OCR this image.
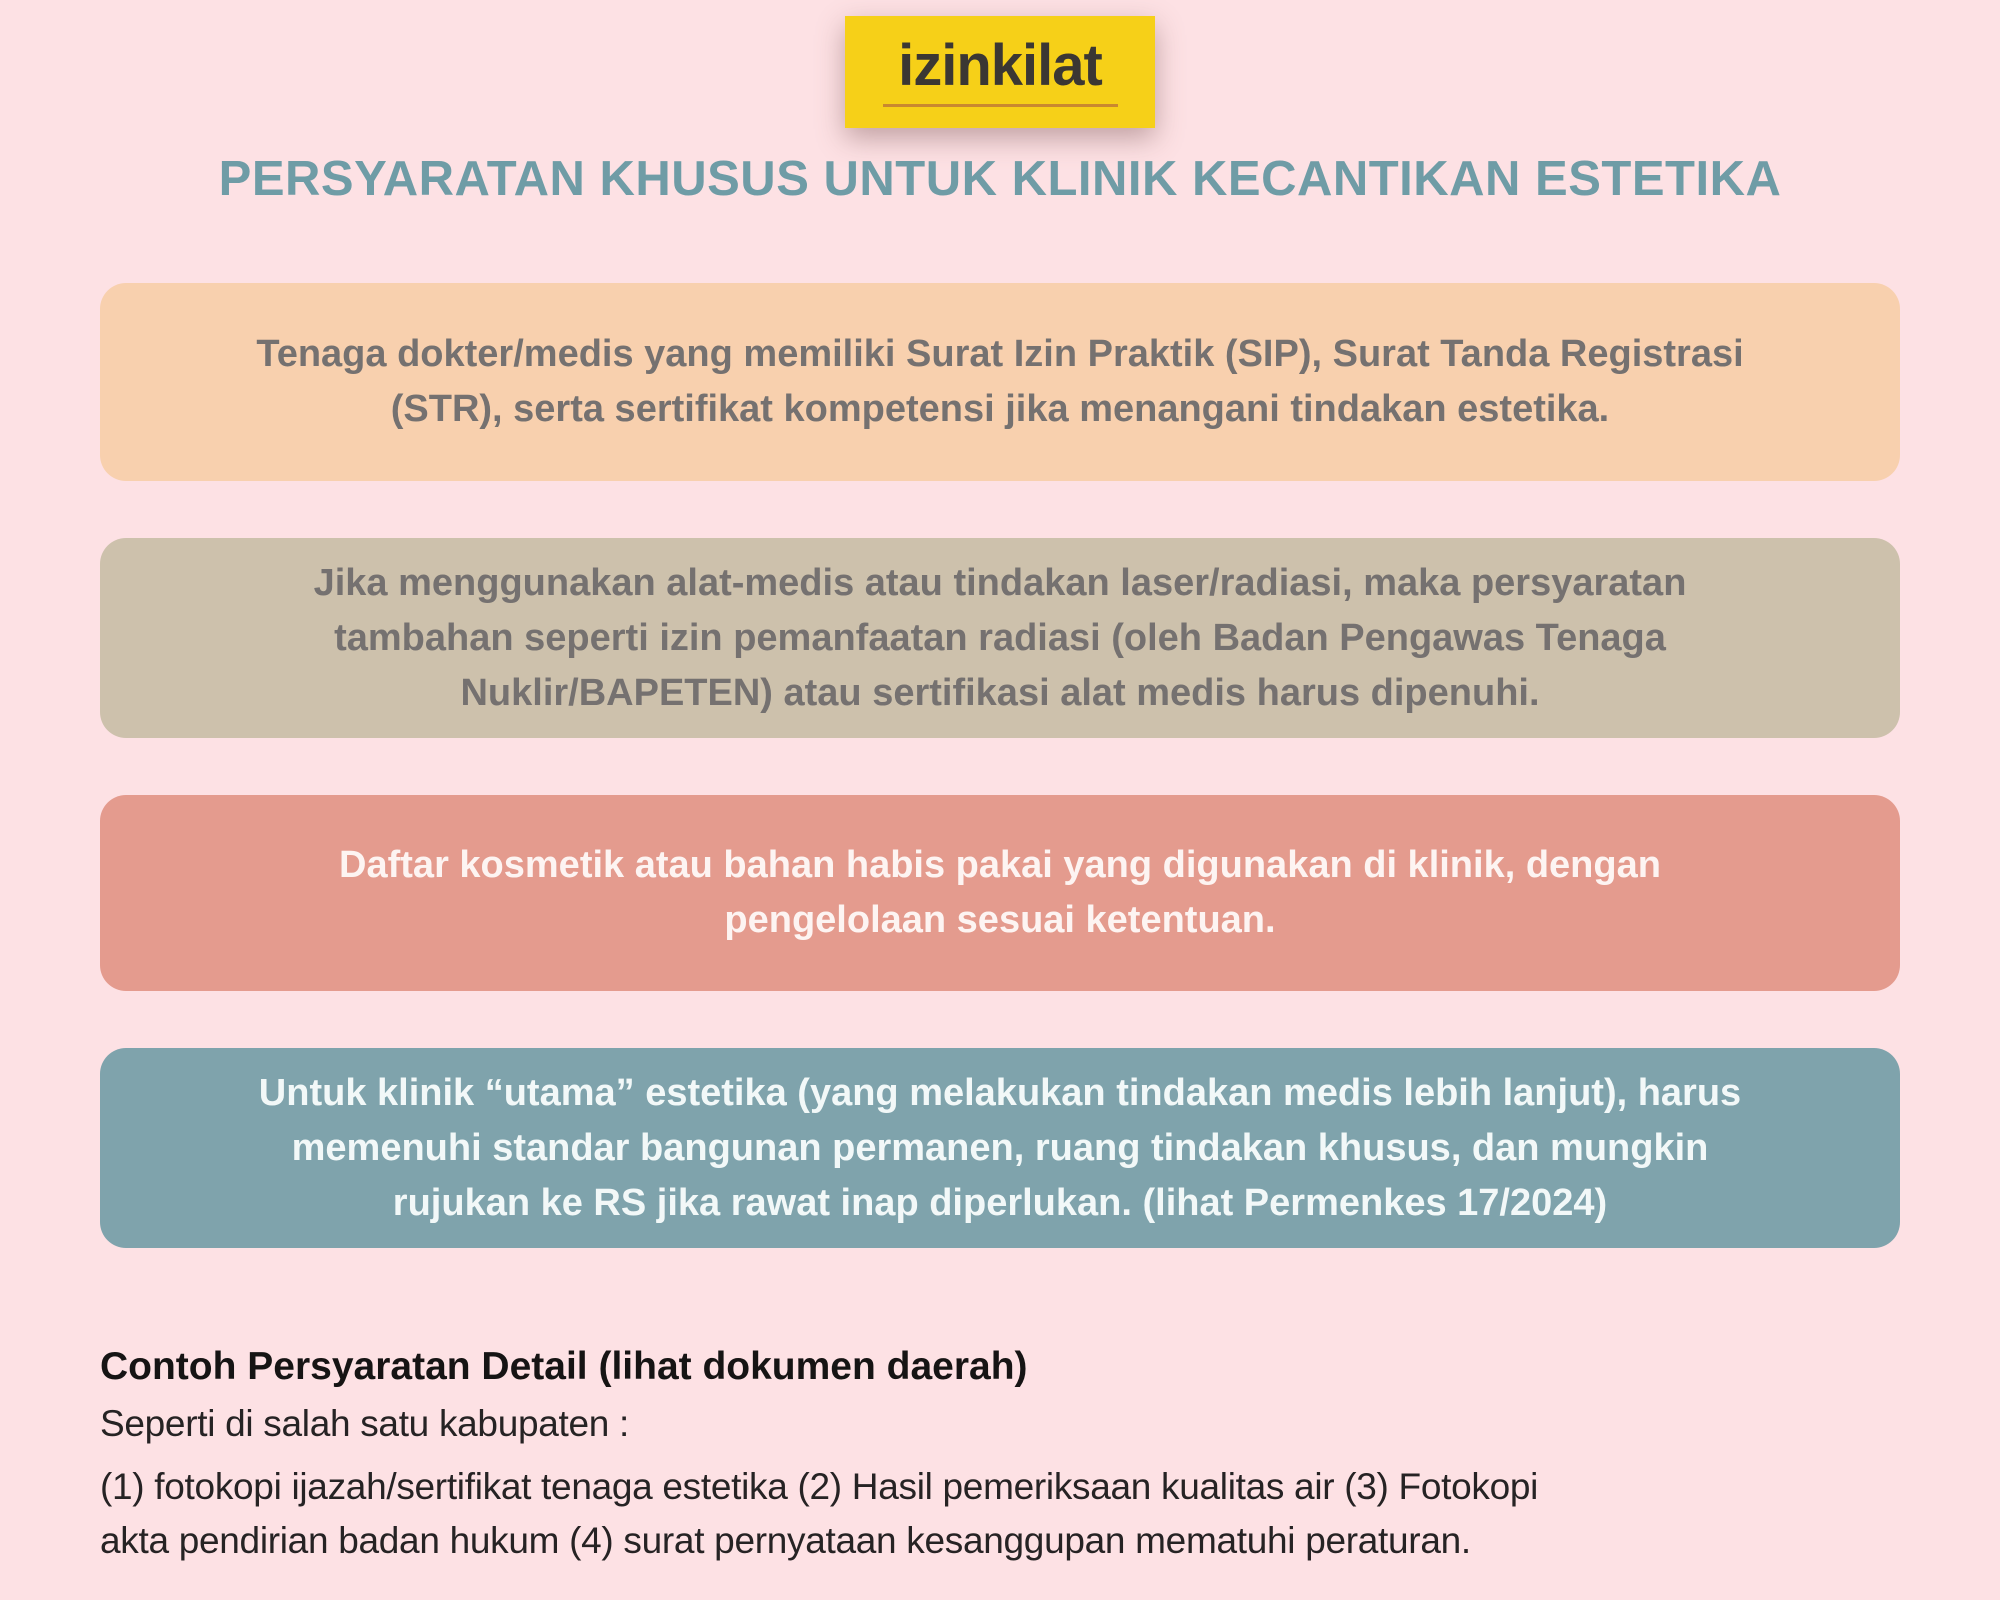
izinkilat
PERSYARATAN KHUSUS UNTUK KLINIK KECANTIKAN ESTETIKA

Tenaga dokter/medis yang memiliki Surat Izin Praktik (SIP), Surat Tanda Registrasi

(STR), serta sertifikat kompetensi jika menangani tindakan estetika.

Jika menggunakan alat-medis atau tindakan laser/radiasi, maka persyaratan

tambahan seperti izin pemanfaatan radiasi (oleh Badan Pengawas Tenaga

Nuklir/BAPETEN) atau sertifikasi alat medis harus dipenuhi.

Daftar kosmetik atau bahan habis pakai yang digunakan di klinik, dengan

pengelolaan sesuai ketentuan.

Untuk klinik “utama” estetika (yang melakukan tindakan medis lebih lanjut), harus

memenuhi standar bangunan permanen, ruang tindakan khusus, dan mungkin

rujukan ke RS jika rawat inap diperlukan. (lihat Permenkes 17/2024)

Contoh Persyaratan Detail (lihat dokumen daerah)

Seperti di salah satu kabupaten :

(1) fotokopi ijazah/sertifikat tenaga estetika (2) Hasil pemeriksaan kualitas air (3) Fotokopi

akta pendirian badan hukum (4) surat pernyataan kesanggupan mematuhi peraturan.
